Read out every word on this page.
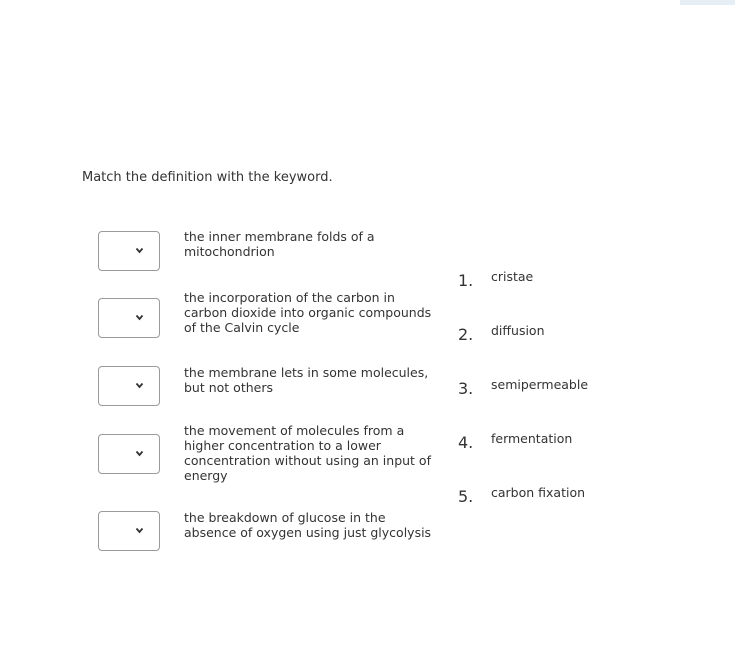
Match the definition with the keyword.
the inner membrane folds of a mitochondrion
the incorporation of the carbon in carbon dioxide into organic compounds of the Calvin cycle
the membrane lets in some molecules, but not others
the movement of molecules from a higher concentration to a lower concentration without using an input of energy
the breakdown of glucose in the absence of oxygen using just glycolysis
1. cristae
2. diffusion
3. semipermeable
4. fermentation
5. carbon fixation
